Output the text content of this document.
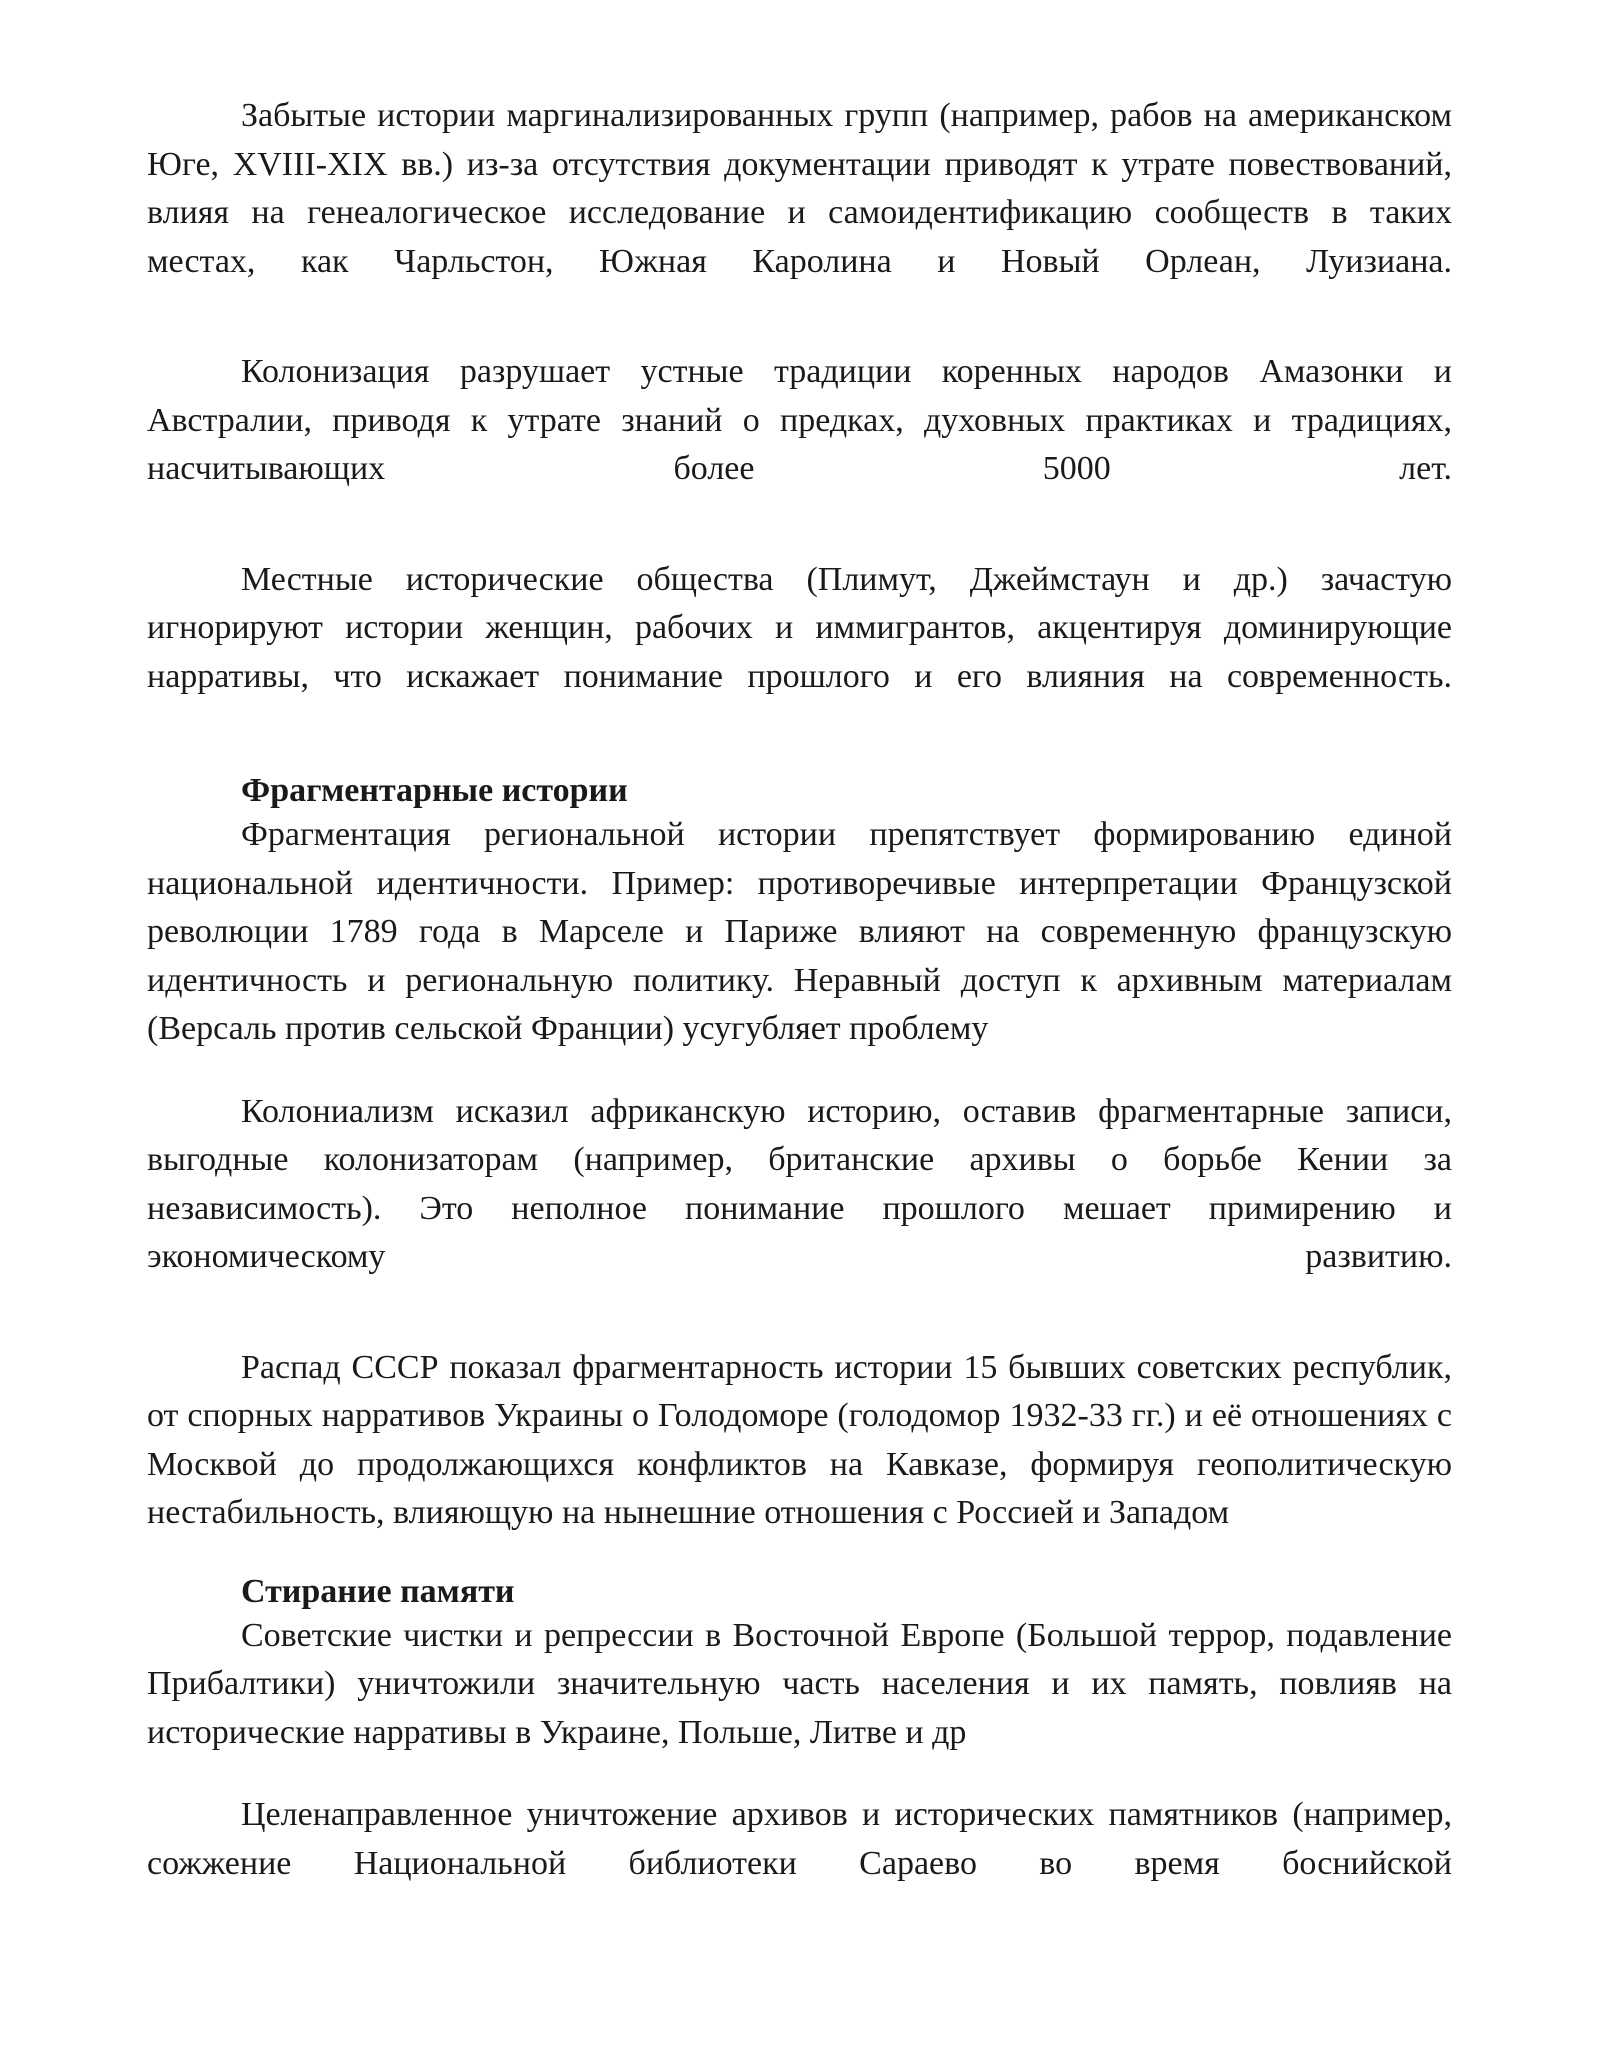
Забытые истории маргинализированных групп (например, рабов на американском Юге, XVIII-XIX вв.) из-за отсутствия документации приводят к утрате повествований, влияя на генеалогическое исследование и самоидентификацию сообществ в таких местах, как Чарльстон, Южная Каролина и Новый Орлеан, Луизиана.

Колонизация разрушает устные традиции коренных народов Амазонки и Австралии, приводя к утрате знаний о предках, духовных практиках и традициях, насчитывающих более 5000 лет.

Местные исторические общества (Плимут, Джеймстаун и др.) зачастую игнорируют истории женщин, рабочих и иммигрантов, акцентируя доминирующие нарративы, что искажает понимание прошлого и его влияния на современность.

Фрагментарные истории

Фрагментация региональной истории препятствует формированию единой национальной идентичности. Пример: противоречивые интерпретации Французской революции 1789 года в Марселе и Париже влияют на современную французскую идентичность и региональную политику. Неравный доступ к архивным материалам (Версаль против сельской Франции) усугубляет проблему

Колониализм исказил африканскую историю, оставив фрагментарные записи, выгодные колонизаторам (например, британские архивы о борьбе Кении за независимость). Это неполное понимание прошлого мешает примирению и экономическому развитию.

Распад СССР показал фрагментарность истории 15 бывших советских республик, от спорных нарративов Украины о Голодоморе (голодомор 1932-33 гг.) и её отношениях с Москвой до продолжающихся конфликтов на Кавказе, формируя геополитическую нестабильность, влияющую на нынешние отношения с Россией и Западом

Стирание памяти

Советские чистки и репрессии в Восточной Европе (Большой террор, подавление Прибалтики) уничтожили значительную часть населения и их память, повлияв на исторические нарративы в Украине, Польше, Литве и др

Целенаправленное уничтожение архивов и исторических памятников (например, сожжение Национальной библиотеки Сараево во время боснийской
